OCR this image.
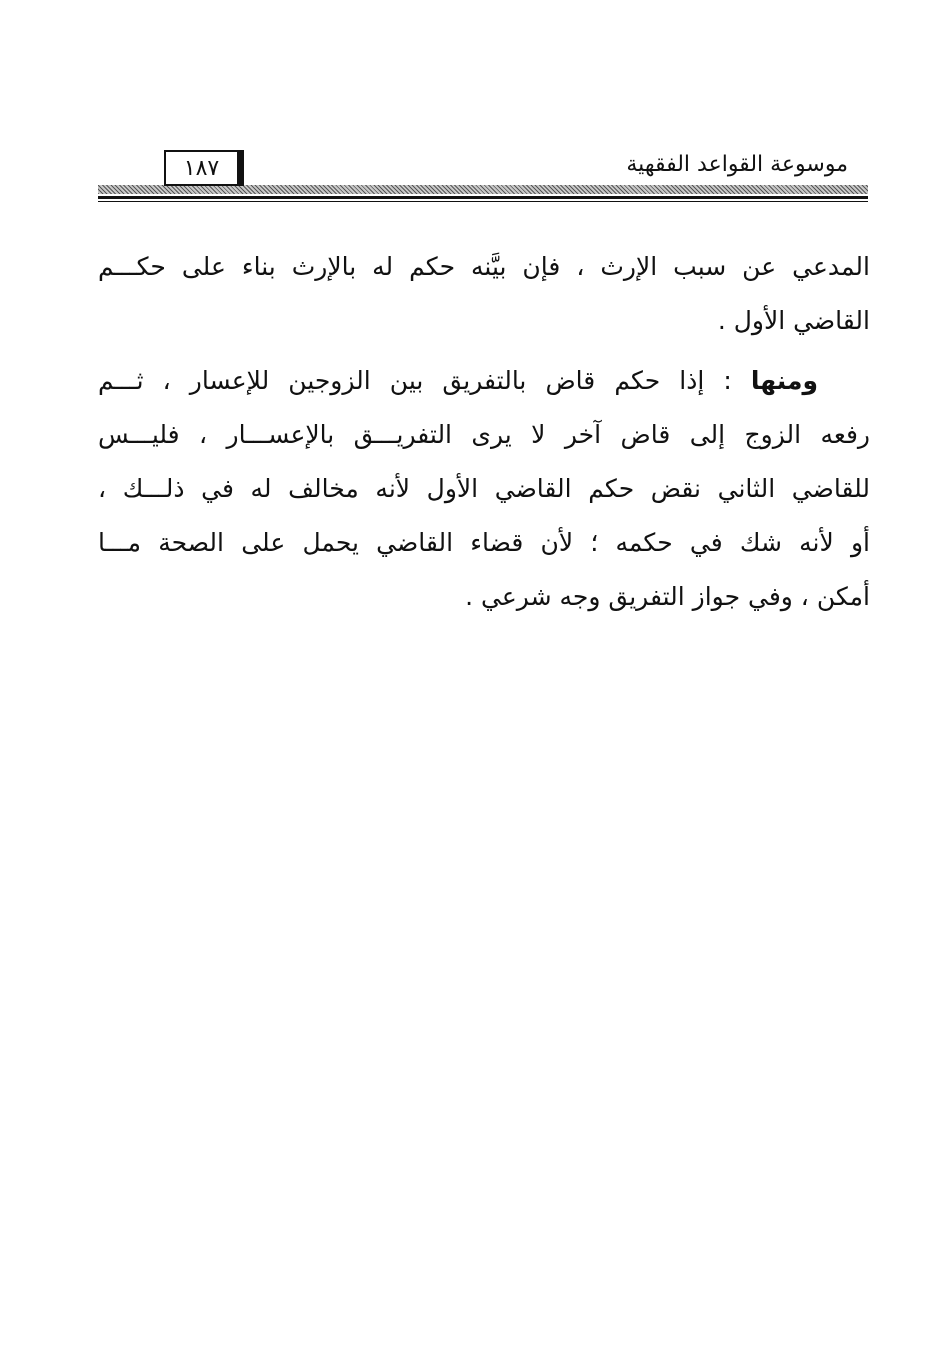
موسوعة القواعد الفقهية
١٨٧
المدعي عن سبب الإرث ، فإن بيَّنه حكم له بالإرث بناء على حكـــم
القاضي الأول .
ومنها : إذا حكم قاض بالتفريق بين الزوجين للإعسار ، ثـــم
رفعه الزوج إلى قاض آخر لا يرى التفريـــق بالإعســـار ، فليـــس
للقاضي الثاني نقض حكم القاضي الأول لأنه مخالف له في ذلـــك ،
أو لأنه شك في حكمه ؛ لأن قضاء القاضي يحمل على الصحة مـــا
أمكن ، وفي جواز التفريق وجه شرعي .
